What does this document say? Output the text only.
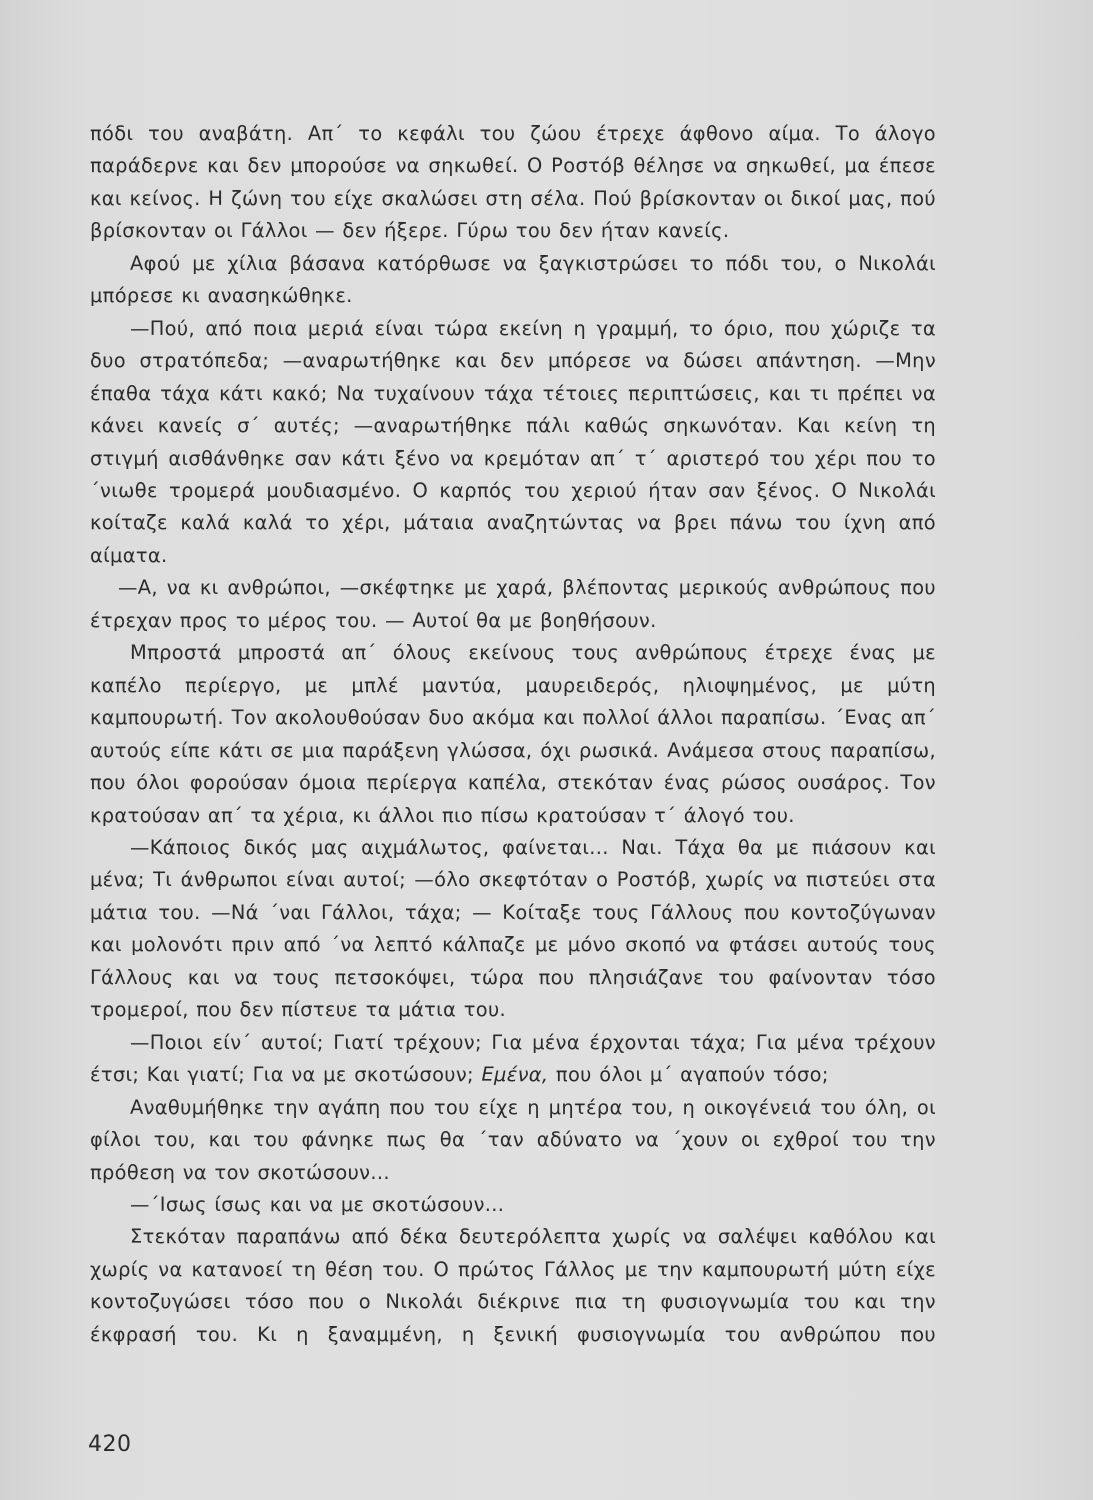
πόδι του αναβάτη. Απ΄ το κεφάλι του ζώου έτρεχε άφθονο αίμα. Το άλογο παράδερνε και δεν μπορούσε να σηκωθεί. Ο Ροστόβ θέλησε να σηκωθεί, μα έπεσε και κείνος. Η ζώνη του είχε σκαλώσει στη σέλα. Πού βρίσκονταν οι δικοί μας, πού βρίσκονταν οι Γάλλοι — δεν ήξερε. Γύρω του δεν ήταν κανείς.

Αφού με χίλια βάσανα κατόρθωσε να ξαγκιστρώσει το πόδι του, ο Νικολάι μπόρεσε κι ανασηκώθηκε.

—Πού, από ποια μεριά είναι τώρα εκείνη η γραμμή, το όριο, που χώριζε τα δυο στρατόπεδα; —αναρωτήθηκε και δεν μπόρεσε να δώσει απάντηση. —Μην έπαθα τάχα κάτι κακό; Να τυχαίνουν τάχα τέτοιες περιπτώσεις, και τι πρέπει να κάνει κανείς σ΄ αυτές; —αναρωτήθηκε πάλι καθώς σηκωνόταν. Και κείνη τη στιγμή αισθάνθηκε σαν κάτι ξένο να κρεμόταν απ΄ τ΄ αριστερό του χέρι που το ΄νιωθε τρομερά μουδιασμένο. Ο καρπός του χεριού ήταν σαν ξένος. Ο Νικολάι κοίταζε καλά καλά το χέρι, μάταια αναζητώντας να βρει πάνω του ίχνη από αίματα.

—Α, να κι ανθρώποι, —σκέφτηκε με χαρά, βλέποντας μερικούς ανθρώπους που έτρεχαν προς το μέρος του. — Αυτοί θα με βοηθήσουν.

Μπροστά μπροστά απ΄ όλους εκείνους τους ανθρώπους έτρεχε ένας με καπέλο περίεργο, με μπλέ μαντύα, μαυρειδερός, ηλιοψημένος, με μύτη καμπουρωτή. Τον ακολουθούσαν δυο ακόμα και πολλοί άλλοι παραπίσω. ΄Ενας απ΄ αυτούς είπε κάτι σε μια παράξενη γλώσσα, όχι ρωσικά. Ανάμεσα στους παραπίσω, που όλοι φορούσαν όμοια περίεργα καπέλα, στεκόταν ένας ρώσος ουσάρος. Τον κρατούσαν απ΄ τα χέρια, κι άλλοι πιο πίσω κρατούσαν τ΄ άλογό του.

—Κάποιος δικός μας αιχμάλωτος, φαίνεται... Ναι. Τάχα θα με πιάσουν και μένα; Τι άνθρωποι είναι αυτοί; —όλο σκεφτόταν ο Ροστόβ, χωρίς να πιστεύει στα μάτια του. —Νά ΄ναι Γάλλοι, τάχα; — Κοίταξε τους Γάλλους που κοντοζύγωναν και μολονότι πριν από ΄να λεπτό κάλπαζε με μόνο σκοπό να φτάσει αυτούς τους Γάλλους και να τους πετσοκόψει, τώρα που πλησιάζανε του φαίνονταν τόσο τρομεροί, που δεν πίστευε τα μάτια του.

—Ποιοι είν΄ αυτοί; Γιατί τρέχουν; Για μένα έρχονται τάχα; Για μένα τρέχουν έτσι; Και γιατί; Για να με σκοτώσουν; Εμένα, που όλοι μ΄ αγαπούν τόσο;

Αναθυμήθηκε την αγάπη που του είχε η μητέρα του, η οικογένειά του όλη, οι φίλοι του, και του φάνηκε πως θα ΄ταν αδύνατο να ΄χουν οι εχθροί του την πρόθεση να τον σκοτώσουν...

—΄Ισως ίσως και να με σκοτώσουν...

Στεκόταν παραπάνω από δέκα δευτερόλεπτα χωρίς να σαλέψει καθόλου και χωρίς να κατανοεί τη θέση του. Ο πρώτος Γάλλος με την καμπουρωτή μύτη είχε κοντοζυγώσει τόσο που ο Νικολάι διέκρινε πια τη φυσιογνωμία του και την έκφρασή του. Κι η ξαναμμένη, η ξενική φυσιογνωμία του ανθρώπου που

420
